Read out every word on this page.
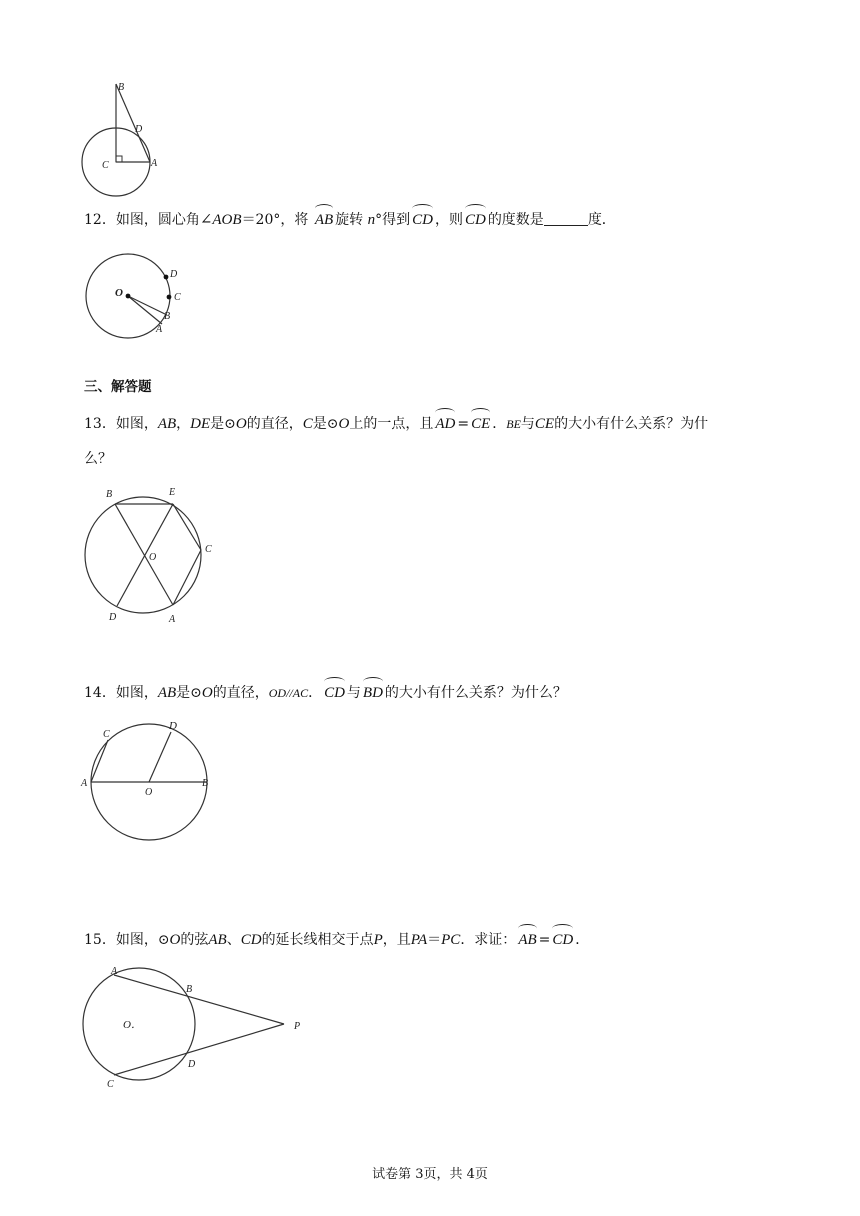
B
D
C	A
12．如图，圆心角∠AOB＝20°，将 AB 旋转 n°得到 CD ，则 CD 的度数是	度．
O
D
C
B
A
三、解答题
13．如图，AB，DE是⊙O的直径，C是⊙O上的一点，且 AD = CE ．BE与CE的大小有什么关系？为什
么？
B	E
C
O
D	A
14．如图，AB是⊙O的直径，OD//AC． CD 与 BD 的大小有什么关系？为什么？
C
D
A
O
B
15．如图，⊙O的弦AB、CD的延长线相交于点P，且PA＝PC．求证： AB = CD ．
A
B
O．	P
D
C
试卷第 3页，共 4页
